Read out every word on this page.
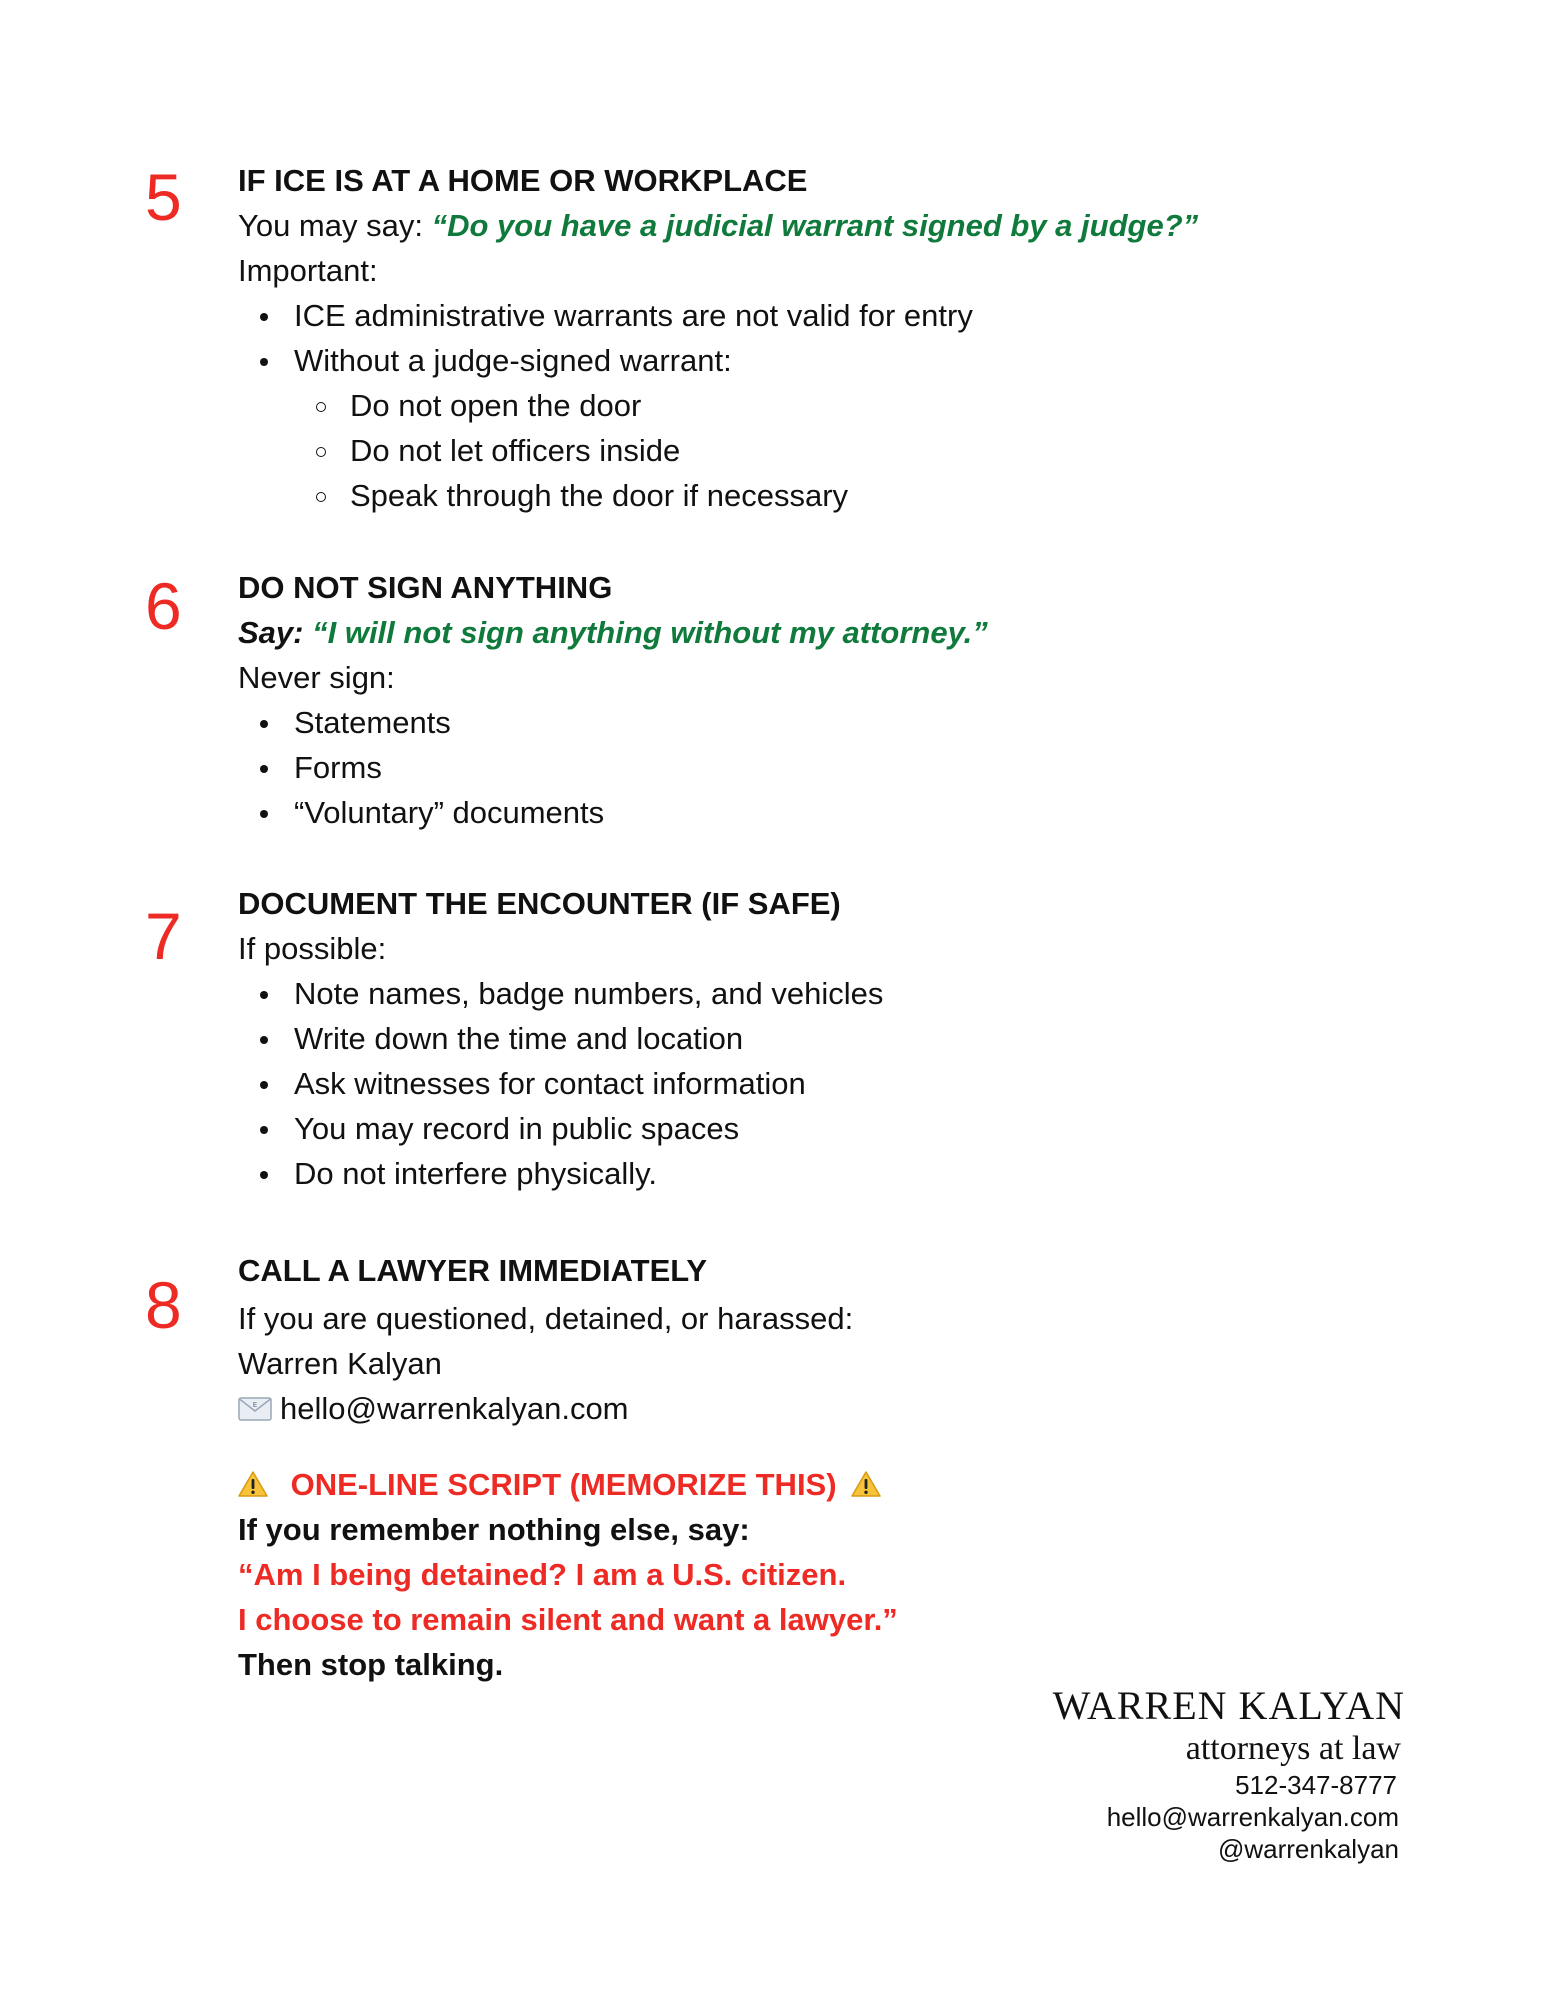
5 IF ICE IS AT A HOME OR WORKPLACE
You may say: “Do you have a judicial warrant signed by a judge?”
Important:
ICE administrative warrants are not valid for entry
Without a judge-signed warrant:
Do not open the door
Do not let officers inside
Speak through the door if necessary
6 DO NOT SIGN ANYTHING
Say: “I will not sign anything without my attorney.”
Never sign:
Statements
Forms
“Voluntary” documents
7 DOCUMENT THE ENCOUNTER (IF SAFE)
If possible:
Note names, badge numbers, and vehicles
Write down the time and location
Ask witnesses for contact information
You may record in public spaces
Do not interfere physically.
8 CALL A LAWYER IMMEDIATELY
If you are questioned, detained, or harassed:
Warren Kalyan
E hello@warrenkalyan.com
ONE-LINE SCRIPT (MEMORIZE THIS)
If you remember nothing else, say:
“Am I being detained? I am a U.S. citizen.
I choose to remain silent and want a lawyer.”
Then stop talking.
WARREN KALYAN
attorneys at law
512-347-8777
hello@warrenkalyan.com
@warrenkalyan
